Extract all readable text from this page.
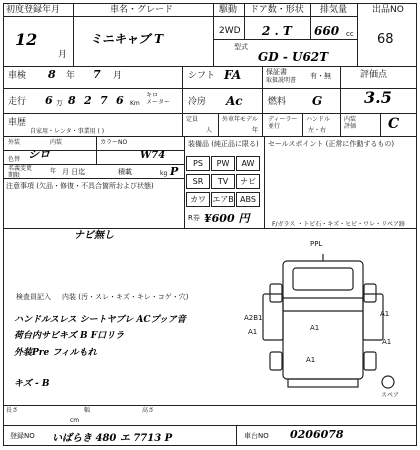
初度登録年月
12
月
車名・グレード
ミニキャブ T
駆動
2WD
ドア数・形状
2 . T
排気量
660 cc
出品NO
68
型式
GD - U62T
車検 8 年 7 月	シフト FA	保証書
取扱説明書
有・無	評価点
走行 6 万 8 2 7 6 Km
キロ
メーター 冷房 Ac	燃料 G	3.5
車歴
自家用・レンタ・事業用 ( )
定員
人
外車年モデル
年
ディーラー並行
ハンドル
左・右
内装
評価 C
外装
シロ
内装	カラーNO
W74
色替
名義変更
期限
年 月 日迄	積載	kg P
装備品 (純正品に限る)
PS	PW	AW
SR	TV	ナビ
カワ エアB ABS
R券 ¥600 円
セールスポイント (正常に作動するもの)
注意事項 (欠品・修復・不具合箇所および状態)
ナビ無し
検査員記入 内装 (汚・スレ・キズ・キレ・コゲ・穴)
ハンドルスレス シートヤブレ ACプッア音
荷台内サビキズ B F口リラ
外装Pre フィルもれ
キズ - B
PPL
A2B1
A1	A1
A1
A1
A1
スペア
F/ガラス ・トビ石・キズ・ヒビ・ワレ・リペア跡
長さ
cm
幅	高さ
登録NO いばらき 480 エ 7713 P	車台NO 0206078
